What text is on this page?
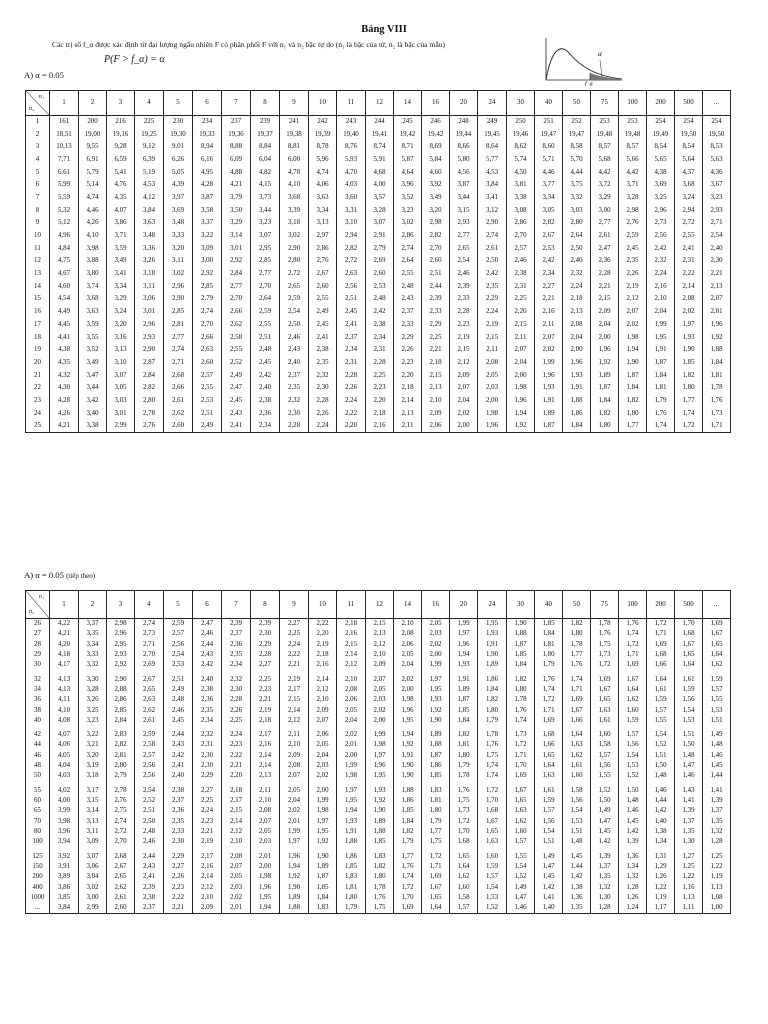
Bảng VIII
Các trị số f_α được xác định từ đại lượng ngẫu nhiên F có phân phối F với n₁ và n₂ bậc tự do (n₁ là bậc của tử, n₂ là bậc của mẫu)
P(F > f_α) = α	α
f_α
A) α = 0.05
n₁
n₂	1	2	3	4	5	6	7	8	9	10	11	12	14	16	20	24	30	40	50	75	100	200	500	...
1	161	200	216	225	230	234	237	239	241	242	243	244	245	246	248	249	250	251	252	253	253	254	254	254
2	18,51	19,00	19,16	19,25	19,30	19,33	19,36	19,37	19,38	19,39	19,40	19,41	19,42	19,42	19,44	19,45	19,46	19,47	19,47	19,48	19,48	19,49	19,50	19,50
3	10,13	9,55	9,28	9,12	9,01	8,94	8,88	8,84	8,81	8,78	8,76	8,74	8,71	8,69	8,66	8,64	8,62	8,60	8,58	8,57	8,57	8,54	8,54	8,53
4	7,71	6,91	6,59	6,39	6,26	6,16	6,09	6,04	6,00	5,96	5,93	5,91	5,87	5,84	5,80	5,77	5,74	5,71	5,70	5,68	5,66	5,65	5,64	5,63
5	6,61	5,79	5,41	5,19	5,05	4,95	4,88	4,82	4,78	4,74	4,70	4,68	4,64	4,60	4,56	4,53	4,50	4,46	4,44	4,42	4,42	4,38	4,37	4,36
6	5,99	5,14	4,76	4,53	4,39	4,28	4,21	4,15	4,10	4,06	4,03	4,00	3,96	3,92	3,87	3,84	3,81	3,77	3,75	3,72	3,71	3,69	3,68	3,67
7	5,59	4,74	4,35	4,12	3,97	3,87	3,79	3,73	3,68	3,63	3,60	3,57	3,52	3,49	3,44	3,41	3,38	3,34	3,32	3,29	3,28	3,25	3,24	3,23
8	5,32	4,46	4,07	3,84	3,69	3,58	3,50	3,44	3,39	3,34	3,31	3,28	3,23	3,20	3,15	3,12	3,08	3,05	3,03	3,00	2,98	2,96	2,94	2,93
9	5,12	4,26	3,86	3,63	3,48	3,37	3,29	3,23	3,18	3,13	3,10	3,07	3,02	2,98	2,93	2,90	2,86	2,82	2,80	2,77	2,76	2,73	2,72	2,71
10	4,96	4,10	3,71	3,48	3,33	3,22	3,14	3,07	3,02	2,97	2,94	2,91	2,86	2,82	2,77	2,74	2,70	2,67	2,64	2,61	2,59	2,56	2,55	2,54
11	4,84	3,98	3,59	3,36	3,20	3,09	3,01	2,95	2,90	2,86	2,82	2,79	2,74	2,70	2,65	2,61	2,57	2,53	2,50	2,47	2,45	2,42	2,41	2,40
12	4,75	3,88	3,49	3,26	3,11	3,00	2,92	2,85	2,80	2,76	2,72	2,69	2,64	2,60	2,54	2,50	2,46	2,42	2,40	2,36	2,35	2,32	2,31	2,30
13	4,67	3,80	3,41	3,18	3,02	2,92	2,84	2,77	2,72	2,67	2,63	2,60	2,55	2,51	2,46	2,42	2,38	2,34	2,32	2,28	2,26	2,24	2,22	2,21
14	4,60	3,74	3,34	3,11	2,96	2,85	2,77	2,70	2,65	2,60	2,56	2,53	2,48	2,44	2,39	2,35	2,31	2,27	2,24	2,21	2,19	2,16	2,14	2,13
15	4,54	3,68	3,29	3,06	2,90	2,79	2,70	2,64	2,59	2,55	2,51	2,48	2,43	2,39	2,33	2,29	2,25	2,21	2,18	2,15	2,12	2,10	2,08	2,07
16	4,49	3,63	3,24	3,01	2,85	2,74	2,66	2,59	2,54	2,49	2,45	2,42	2,37	2,33	2,28	2,24	2,20	2,16	2,13	2,09	2,07	2,04	2,02	2,01
17	4,45	3,59	3,20	2,96	2,81	2,70	2,62	2,55	2,50	2,45	2,41	2,38	2,33	2,29	2,23	2,19	2,15	2,11	2,08	2,04	2,02	1,99	1,97	1,96
18	4,41	3,55	3,16	2,93	2,77	2,66	2,58	2,51	2,46	2,41	2,37	2,34	2,29	2,25	2,19	2,15	2,11	2,07	2,04	2,00	1,98	1,95	1,93	1,92
19	4,38	3,52	3,13	2,90	2,74	2,63	2,55	2,48	2,43	2,38	2,34	2,31	2,26	2,21	2,15	2,11	2,07	2,02	2,00	1,96	1,94	1,91	1,90	1,88
20	4,35	3,49	3,10	2,87	2,71	2,60	2,52	2,45	2,40	2,35	2,31	2,28	2,23	2,18	2,12	2,08	2,04	1,99	1,96	1,92	1,90	1,87	1,85	1,84
21	4,32	3,47	3,07	2,84	2,68	2,57	2,49	2,42	2,37	2,32	2,28	2,25	2,20	2,15	2,09	2,05	2,00	1,96	1,93	1,89	1,87	1,84	1,82	1,81
22	4,30	3,44	3,05	2,82	2,66	2,55	2,47	2,40	2,35	2,30	2,26	2,23	2,18	2,13	2,07	2,03	1,98	1,93	1,91	1,87	1,84	1,81	1,80	1,78
23	4,28	3,42	3,03	2,80	2,61	2,53	2,45	2,38	2,32	2,28	2,24	2,20	2,14	2,10	2,04	2,00	1,96	1,91	1,88	1,84	1,82	1,79	1,77	1,76
24	4,26	3,40	3,01	2,78	2,62	2,51	2,43	2,36	2,30	2,26	2,22	2,18	2,13	2,09	2,02	1,98	1,94	1,89	1,86	1,82	1,80	1,76	1,74	1,73
25	4,21	3,38	2,99	2,76	2,60	2,49	2,41	2,34	2,28	2,24	2,20	2,16	2,11	2,06	2,00	1,96	1,92	1,87	1,84	1,80	1,77	1,74	1,72	1,71
A) α = 0.05 (tiếp theo)
n₁
n₂	1	2	3	4	5	6	7	8	9	10	11	12	14	16	20	24	30	40	50	75	100	200	500	...
26	4,22	3,37	2,98	2,74	2,59	2,47	2,39	2,39	2,27	2,22	2,18	2,15	2,10	2,05	1,99	1,95	1,90	1,85	1,82	1,78	1,76	1,72	1,70	1,69
27	4,21	3,35	2,96	2,73	2,57	2,46	2,37	2,30	2,25	2,20	2,16	2,13	2,08	2,03	1,97	1,93	1,88	1,84	1,80	1,76	1,74	1,71	1,68	1,67
28	4,20	3,34	2,95	2,71	2,56	2,44	2,36	2,29	2,24	2,19	2,15	2,12	2,06	2,02	1,96	1,91	1,87	1,81	1,78	1,75	1,72	1,69	1,67	1,65
29	4,18	3,33	2,93	2,70	2,54	2,43	2,35	2,28	2,22	2,18	2,14	2,10	2,05	2,00	1,94	1,90	1,85	1,80	1,77	1,73	1,71	1,68	1,65	1,64
30	4,17	3,32	2,92	2,69	2,53	2,42	2,34	2,27	2,21	2,16	2,12	2,09	2,04	1,99	1,93	1,89	1,84	1,79	1,76	1,72	1,69	1,66	1,64	1,62
32	4,13	3,30	2,90	2,67	2,51	2,40	2,32	2,25	2,19	2,14	2,10	2,07	2,02	1,97	1,91	1,86	1,82	1,76	1,74	1,69	1,67	1,64	1,61	1,59
34	4,13	3,28	2,88	2,65	2,49	2,38	2,30	2,23	2,17	2,12	2,08	2,05	2,00	1,95	1,89	1,84	1,80	1,74	1,71	1,67	1,64	1,61	1,59	1,57
36	4,11	3,26	2,86	2,63	2,48	2,36	2,28	2,21	2,15	2,10	2,06	2,03	1,98	1,93	1,87	1,82	1,78	1,72	1,69	1,65	1,62	1,59	1,56	1,55
38	4,10	3,25	2,85	2,62	2,46	2,35	2,26	2,19	2,14	2,09	2,05	2,02	1,96	1,92	1,85	1,80	1,76	1,71	1,67	1,63	1,60	1,57	1,54	1,53
40	4,08	3,23	2,84	2,61	2,45	2,34	2,25	2,18	2,12	2,07	2,04	2,00	1,95	1,90	1,84	1,79	1,74	1,69	1,66	1,61	1,59	1,55	1,53	1,51
42	4,07	3,22	2,83	2,59	2,44	2,32	2,24	2,17	2,11	2,06	2,02	1,99	1,94	1,89	1,82	1,78	1,73	1,68	1,64	1,60	1,57	1,54	1,51	1,49
44	4,06	3,21	2,82	2,58	2,43	2,31	2,23	2,16	2,10	2,05	2,01	1,98	1,92	1,88	1,81	1,76	1,72	1,66	1,63	1,58	1,56	1,52	1,50	1,48
46	4,05	3,20	2,81	2,57	2,42	2,30	2,22	2,14	2,09	2,04	2,00	1,97	1,91	1,87	1,80	1,75	1,71	1,65	1,62	1,57	1,54	1,51	1,48	1,46
48	4,04	3,19	2,80	2,56	2,41	2,30	2,21	2,14	2,08	2,03	1,99	1,96	1,90	1,86	1,79	1,74	1,70	1,64	1,61	1,56	1,53	1,50	1,47	1,45
50	4,03	3,18	2,79	2,56	2,40	2,29	2,20	2,13	2,07	2,02	1,98	1,95	1,90	1,85	1,78	1,74	1,69	1,63	1,60	1,55	1,52	1,48	1,46	1,44
55	4,02	3,17	2,78	2,54	2,38	2,27	2,18	2,11	2,05	2,00	1,97	1,93	1,88	1,83	1,76	1,72	1,67	1,61	1,58	1,52	1,50	1,46	1,43	1,41
60	4,00	3,15	2,76	2,52	2,37	2,25	2,17	2,10	2,04	1,99	1,95	1,92	1,86	1,81	1,75	1,70	1,65	1,59	1,56	1,50	1,48	1,44	1,41	1,39
65	3,99	3,14	2,75	2,51	2,36	2,24	2,15	2,08	2,02	1,98	1,94	1,90	1,85	1,80	1,73	1,68	1,63	1,57	1,54	1,49	1,46	1,42	1,39	1,37
70	3,98	3,13	2,74	2,50	2,35	2,23	2,14	2,07	2,01	1,97	1,93	1,89	1,84	1,79	1,72	1,67	1,62	1,56	1,53	1,47	1,45	1,40	1,37	1,35
80	3,96	3,11	2,72	2,48	2,33	2,21	2,12	2,05	1,99	1,95	1,91	1,88	1,82	1,77	1,70	1,65	1,60	1,54	1,51	1,45	1,42	1,38	1,35	1,32
100	3,94	3,09	2,70	2,46	2,30	2,19	2,10	2,03	1,97	1,92	1,88	1,85	1,79	1,75	1,68	1,63	1,57	1,51	1,48	1,42	1,39	1,34	1,30	1,28
125	3,92	3,07	2,68	2,44	2,29	2,17	2,08	2,01	1,96	1,90	1,86	1,83	1,77	1,72	1,65	1,60	1,55	1,49	1,45	1,39	1,36	1,31	1,27	1,25
150	3,91	3,06	2,67	2,43	2,27	2,16	2,07	2,00	1,94	1,89	1,85	1,82	1,76	1,71	1,64	1,59	1,54	1,47	1,44	1,37	1,34	1,29	1,25	1,22
200	3,89	3,04	2,65	2,41	2,26	2,14	2,05	1,98	1,92	1,87	1,83	1,80	1,74	1,69	1,62	1,57	1,52	1,45	1,42	1,35	1,32	1,26	1,22	1,19
400	3,86	3,02	2,62	2,39	2,23	2,12	2,03	1,96	1,90	1,85	1,81	1,78	1,72	1,67	1,60	1,54	1,49	1,42	1,38	1,32	1,28	1,22	1,16	1,13
1000	3,85	3,00	2,61	2,38	2,22	2,10	2,02	1,95	1,89	1,84	1,80	1,76	1,70	1,65	1,58	1,53	1,47	1,41	1,36	1,30	1,26	1,19	1,13	1,08
...	3,84	2,99	2,60	2,37	2,21	2,09	2,01	1,94	1,88	1,83	1,79	1,75	1,69	1,64	1,57	1,52	1,46	1,40	1,35	1,28	1,24	1,17	1,11	1,00
